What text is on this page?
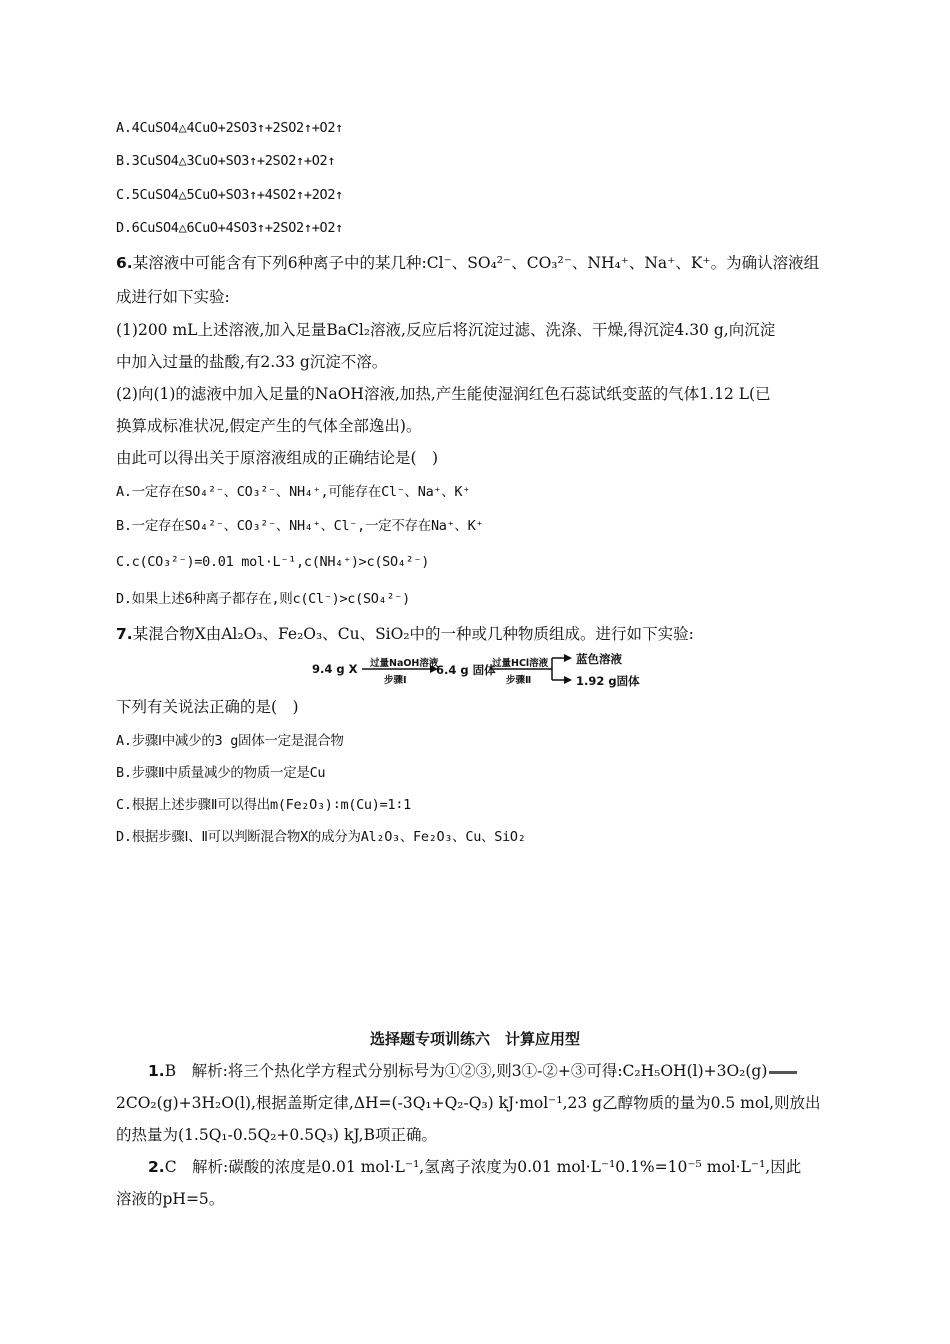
A.4CuSO4△4CuO+2SO3↑+2SO2↑+O2↑
B.3CuSO4△3CuO+SO3↑+2SO2↑+O2↑
C.5CuSO4△5CuO+SO3↑+4SO2↑+2O2↑
D.6CuSO4△6CuO+4SO3↑+2SO2↑+O2↑
6.某溶液中可能含有下列6种离子中的某几种:Cl⁻、SO₄²⁻、CO₃²⁻、NH₄⁺、Na⁺、K⁺。为确认溶液组
成进行如下实验:
(1)200 mL上述溶液,加入足量BaCl₂溶液,反应后将沉淀过滤、洗涤、干燥,得沉淀4.30 g,向沉淀
中加入过量的盐酸,有2.33 g沉淀不溶。
(2)向(1)的滤液中加入足量的NaOH溶液,加热,产生能使湿润红色石蕊试纸变蓝的气体1.12 L(已
换算成标准状况,假定产生的气体全部逸出)。
由此可以得出关于原溶液组成的正确结论是(　)
A.一定存在SO₄²⁻、CO₃²⁻、NH₄⁺,可能存在Cl⁻、Na⁺、K⁺
B.一定存在SO₄²⁻、CO₃²⁻、NH₄⁺、Cl⁻,一定不存在Na⁺、K⁺
C.c(CO₃²⁻)=0.01 mol·L⁻¹,c(NH₄⁺)>c(SO₄²⁻)
D.如果上述6种离子都存在,则c(Cl⁻)>c(SO₄²⁻)
7.某混合物X由Al₂O₃、Fe₂O₃、Cu、SiO₂中的一种或几种物质组成。进行如下实验:
9.4 g X 过量NaOH溶液
步骤Ⅰ
6.4 g 固体
过量HCl溶液
步骤Ⅱ
蓝色溶液
1.92 g固体
下列有关说法正确的是(　)
A.步骤Ⅰ中减少的3 g固体一定是混合物
B.步骤Ⅱ中质量减少的物质一定是Cu
C.根据上述步骤Ⅱ可以得出m(Fe₂O₃)∶m(Cu)=1∶1
D.根据步骤Ⅰ、Ⅱ可以判断混合物X的成分为Al₂O₃、Fe₂O₃、Cu、SiO₂
选择题专项训练六　计算应用型
1.B　解析:将三个热化学方程式分别标号为①②③,则3①-②+③可得:C₂H₅OH(l)+3O₂(g)
2CO₂(g)+3H₂O(l),根据盖斯定律,ΔH=(-3Q₁+Q₂-Q₃) kJ·mol⁻¹,23 g乙醇物质的量为0.5 mol,则放出
的热量为(1.5Q₁-0.5Q₂+0.5Q₃) kJ,B项正确。
2.C　解析:碳酸的浓度是0.01 mol·L⁻¹,氢离子浓度为0.01 mol·L⁻¹0.1%=10⁻⁵ mol·L⁻¹,因此
溶液的pH=5。
